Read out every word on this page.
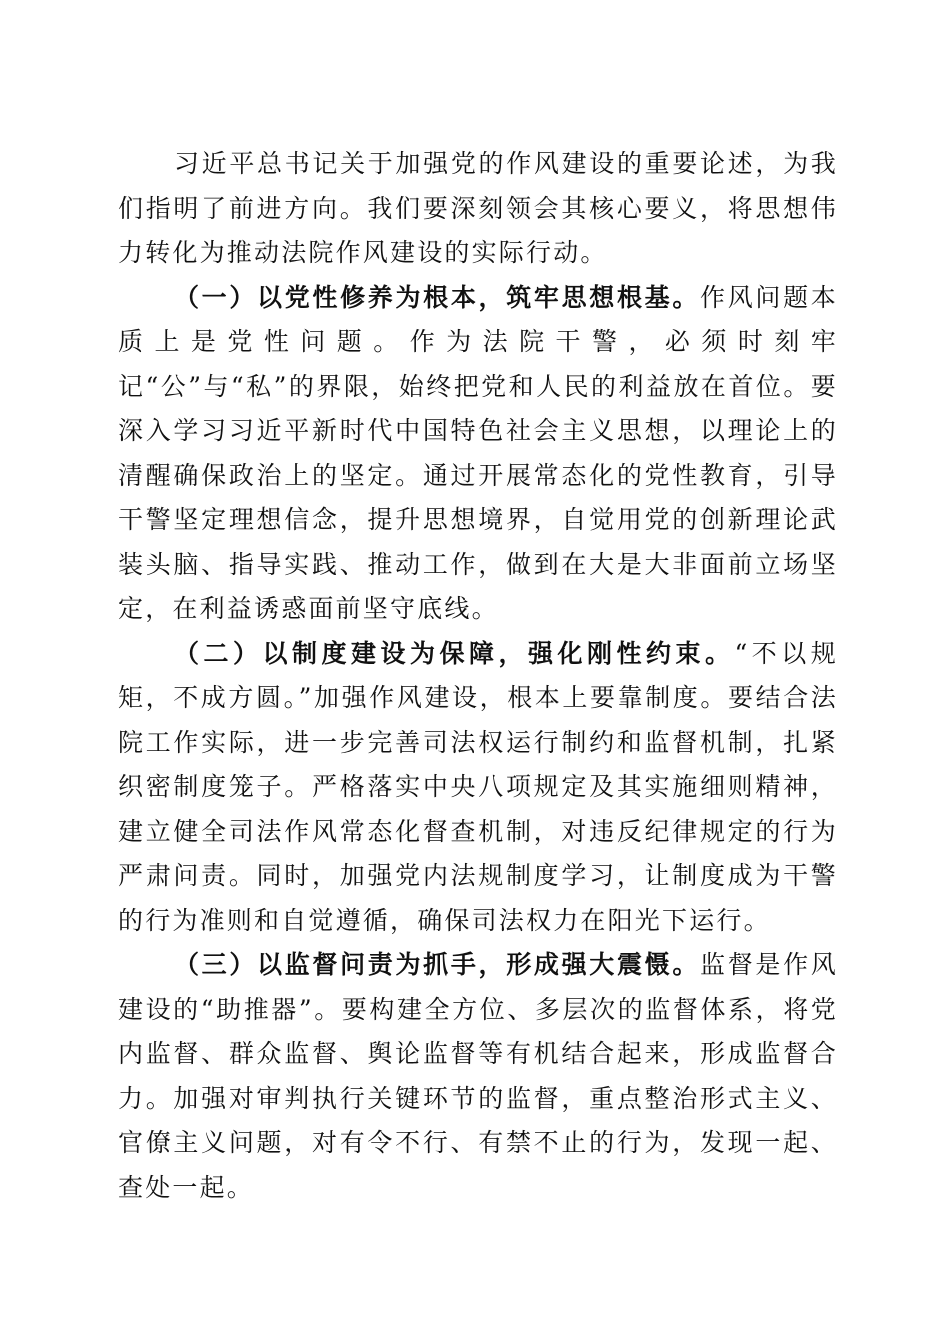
习近平总书记关于加强党的作风建设的重要论述，为我们指明了前进方向。我们要深刻领会其核心要义，将思想伟力转化为推动法院作风建设的实际行动。

（一）以党性修养为根本，筑牢思想根基。作风问题本质上是党性问题。作为法院干警，必须时刻牢记“公”与“私”的界限，始终把党和人民的利益放在首位。要深入学习习近平新时代中国特色社会主义思想，以理论上的清醒确保政治上的坚定。通过开展常态化的党性教育，引导干警坚定理想信念，提升思想境界，自觉用党的创新理论武装头脑、指导实践、推动工作，做到在大是大非面前立场坚定，在利益诱惑面前坚守底线。

（二）以制度建设为保障，强化刚性约束。“不以规矩，不成方圆。”加强作风建设，根本上要靠制度。要结合法院工作实际，进一步完善司法权运行制约和监督机制，扎紧织密制度笼子。严格落实中央八项规定及其实施细则精神，建立健全司法作风常态化督查机制，对违反纪律规定的行为严肃问责。同时，加强党内法规制度学习，让制度成为干警的行为准则和自觉遵循，确保司法权力在阳光下运行。

（三）以监督问责为抓手，形成强大震慑。监督是作风建设的“助推器”。要构建全方位、多层次的监督体系，将党内监督、群众监督、舆论监督等有机结合起来，形成监督合力。加强对审判执行关键环节的监督，重点整治形式主义、官僚主义问题，对有令不行、有禁不止的行为，发现一起、查处一起。
